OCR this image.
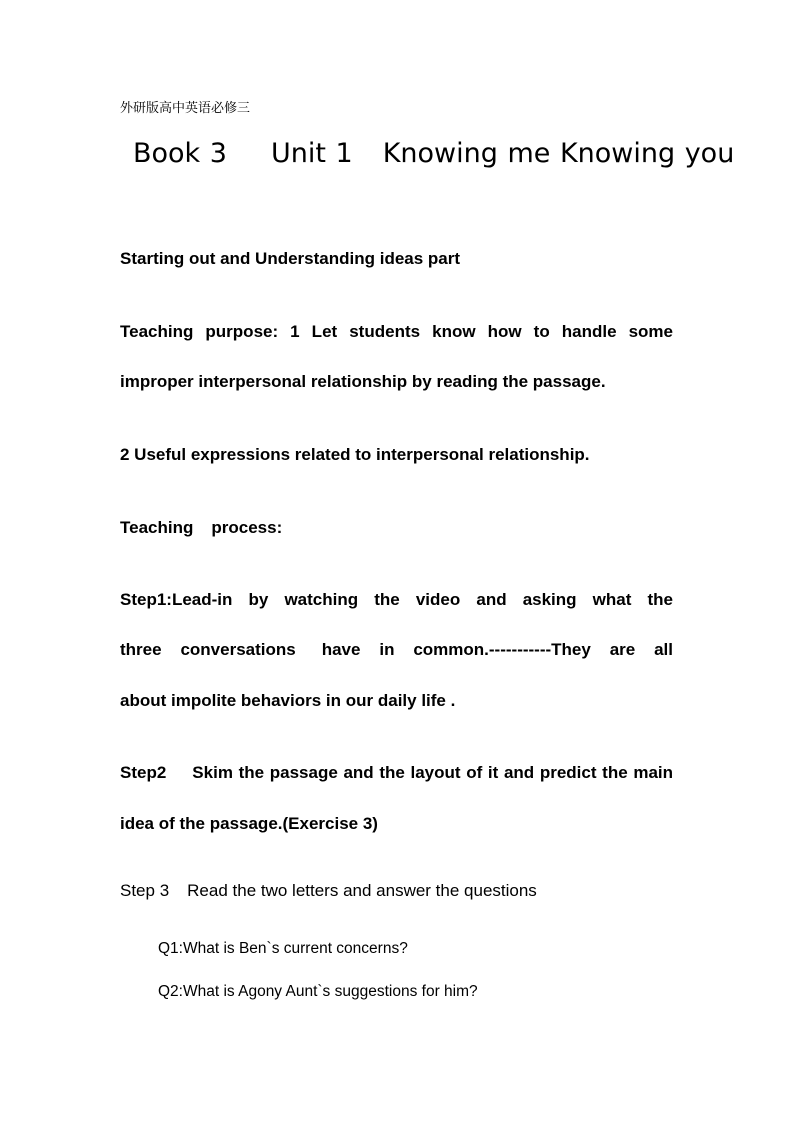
外研版高中英语必修三
Book 3 Unit 1 Knowing me Knowing you
Starting out and Understanding ideas part
Teaching purpose: 1 Let students know how to handle some
improper interpersonal relationship by reading the passage.
2 Useful expressions related to interpersonal relationship.
Teaching process:
Step1:Lead-in by watching the video and asking what the
three conversations have in common.-----------They are all
about impolite behaviors in our daily life .
Step2 Skim the passage and the layout of it and predict the main
idea of the passage.(Exercise 3)
Step 3 Read the two letters and answer the questions
Q1:What is Ben`s current concerns?
Q2:What is Agony Aunt`s suggestions for him?
